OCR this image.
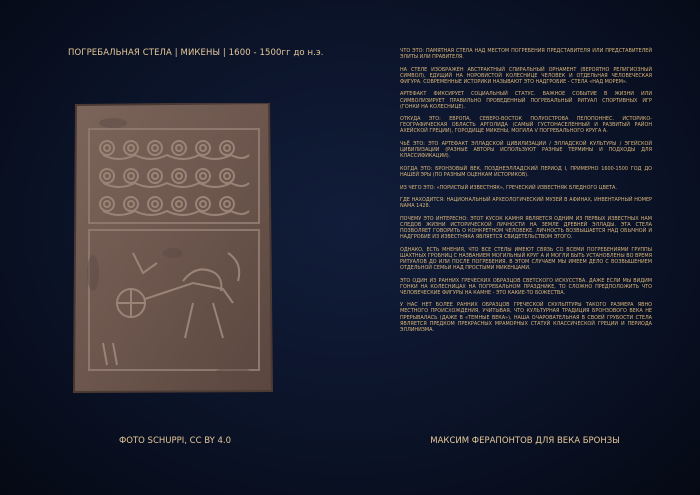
ПОГРЕБАЛЬНАЯ СТЕЛА | МИКЕНЫ | 1600 - 1500гг до н.э.
ФОТО SCHUPPI, CC BY 4.0

ЧТО ЭТО: ПАМЯТНАЯ СТЕЛА НАД МЕСТОМ ПОГРЕБЕНИЯ ПРЕДСТАВИТЕЛЯ ИЛИ ПРЕДСТАВИТЕЛЕЙ ЭЛИТЫ ИЛИ ПРАВИТЕЛЯ.

НА СТЕЛЕ ИЗОБРАЖЕН АБСТРАКТНЫЙ СПИРАЛЬНЫЙ ОРНАМЕНТ (ВЕРОЯТНО РЕЛИГИОЗНЫЙ СИМВОЛ), ЕДУЩИЙ НА НОРОВИСТОЙ КОЛЕСНИЦЕ ЧЕЛОВЕК И ОТДЕЛЬНАЯ ЧЕЛОВЕЧЕСКАЯ ФИГУРА. СОВРЕМЕННЫЕ ИСТОРИКИ НАЗЫВАЮТ ЭТО НАДГРОБИЕ - СТЕЛА «НАД МОРЕМ».

АРТЕФАКТ ФИКСИРУЕТ СОЦИАЛЬНЫЙ СТАТУС. ВАЖНОЕ СОБЫТИЕ В ЖИЗНИ ИЛИ СИМВОЛИЗИРУЕТ ПРАВИЛЬНО ПРОВЕДЕННЫЙ ПОГРЕБАЛЬНЫЙ РИТУАЛ СПОРТИВНЫХ ИГР (ГОНКИ НА КОЛЕСНИЦЕ).

ОТКУДА ЭТО: ЕВРОПА, СЕВЕРО-ВОСТОК ПОЛУОСТРОВА ПЕЛОПОННЕС. ИСТОРИКО-ГЕОГРАФИЧЕСКАЯ ОБЛАСТЬ АРГОЛИДА (САМЫЙ ГУСТОНАСЕЛЕННЫЙ И РАЗВИТЫЙ РАЙОН АХЕЙСКОЙ ГРЕЦИИ), ГОРОДИЩЕ МИКЕНЫ, МОГИЛА V ПОГРЕБАЛЬНОГО КРУГА А.

ЧЬЁ ЭТО: ЭТО АРТЕФАКТ ЭЛЛАДСКОЙ ЦИВИЛИЗАЦИИ / ЭЛЛАДСКОЙ КУЛЬТУРЫ / ЭГЕЙСКОЙ ЦИВИЛИЗАЦИИ (РАЗНЫЕ АВТОРЫ ИСПОЛЬЗУЮТ РАЗНЫЕ ТЕРМИНЫ И ПОДХОДЫ ДЛЯ КЛАССИФИКАЦИИ).

КОГДА ЭТО: БРОНЗОВЫЙ ВЕК, ПОЗДНЕЭЛЛАДСКИЙ ПЕРИОД I, ПРИМЕРНО 1600-1500 ГОД ДО НАШЕЙ ЭРЫ (ПО РАЗНЫМ ОЦЕНКАМ ИСТОРИКОВ).

ИЗ ЧЕГО ЭТО: «ПОРИСТЫЙ ИЗВЕСТНЯК», ГРЕЧЕСКИЙ ИЗВЕСТНЯК БЛЕДНОГО ЦВЕТА.

ГДЕ НАХОДИТСЯ: НАЦИОНАЛЬНЫЙ АРХЕОЛОГИЧЕСКИЙ МУЗЕЙ В АФИНАХ, ИНВЕНТАРНЫЙ НОМЕР NAMA 1428.

ПОЧЕМУ ЭТО ИНТЕРЕСНО: ЭТОТ КУСОК КАМНЯ ЯВЛЯЕТСЯ ОДНИМ ИЗ ПЕРВЫХ ИЗВЕСТНЫХ НАМ СЛЕДОВ ЖИЗНИ ИСТОРИЧЕСКОЙ ЛИЧНОСТИ НА ЗЕМЛЕ ДРЕВНЕЙ ЭЛЛАДЫ. ЭТА СТЕЛА ПОЗВОЛЯЕТ ГОВОРИТЬ О КОНКРЕТНОМ ЧЕЛОВЕКЕ. ЛИЧНОСТЬ ВОЗВЫШАЕТСЯ НАД ОБЫЧНОЙ И НАДГРОБИЕ ИЗ ИЗВЕСТНЯКА ЯВЛЯЕТСЯ СВИДЕТЕЛЬСТВОМ ЭТОГО.

ОДНАКО, ЕСТЬ МНЕНИЯ, ЧТО ВСЕ СТЕЛЫ ИМЕЮТ СВЯЗЬ СО ВСЕМИ ПОГРЕБЕНИЯМИ ГРУППЫ ШАХТНЫХ ГРОБНИЦ С НАЗВАНИЕМ МОГИЛЬНЫЙ КРУГ А И МОГЛИ БЫТЬ УСТАНОВЛЕНЫ ВО ВРЕМЯ РИТУАЛОВ ДО ИЛИ ПОСЛЕ ПОГРЕБЕНИЯ. В ЭТОМ СЛУЧАЕМ МЫ ИМЕЕМ ДЕЛО С ВОЗВЫШЕНИЕМ ОТДЕЛЬНОЙ СЕМЬИ НАД ПРОСТЫМИ МИКЕНЦАМИ.

ЭТО ОДИН ИЗ РАННИХ ГРЕЧЕСКИХ ОБРАЗЦОВ СВЕТСКОГО ИСКУССТВА. ДАЖЕ ЕСЛИ МЫ ВИДИМ ГОНКИ НА КОЛЕСНИЦАХ НА ПОГРЕБАЛЬНОМ ПРАЗДНИКЕ, ТО СЛОЖНО ПРЕДПОЛОЖИТЬ ЧТО ЧЕЛОВЕЧЕСКИЕ ФИГУРЫ НА КАМНЕ - ЭТО КАКИЕ-ТО БОЖЕСТВА.

У НАС НЕТ БОЛЕЕ РАННИХ ОБРАЗЦОВ ГРЕЧЕСКОЙ СКУЛЬПТУРЫ ТАКОГО РАЗМЕРА ЯВНО МЕСТНОГО ПРОИСХОЖДЕНИЯ, УЧИТЫВАЯ, ЧТО КУЛЬТУРНАЯ ТРАДИЦИЯ БРОНЗОВОГО ВЕКА НЕ ПРЕРЫВАЛАСЬ (ДАЖЕ В «ТЕМНЫЕ ВЕКА»), НАША ОЧАРОВАТЕЛЬНАЯ В СВОЕЙ ГРУБОСТИ СТЕЛА ЯВЛЯЕТСЯ ПРЕДКОМ ПРЕКРАСНЫХ МРАМОРНЫХ СТАТУЙ КЛАССИЧЕСКОЙ ГРЕЦИИ И ПЕРИОДА ЭЛЛИНИЗМА.

МАКСИМ ФЕРАПОНТОВ ДЛЯ ВЕКА БРОНЗЫ
